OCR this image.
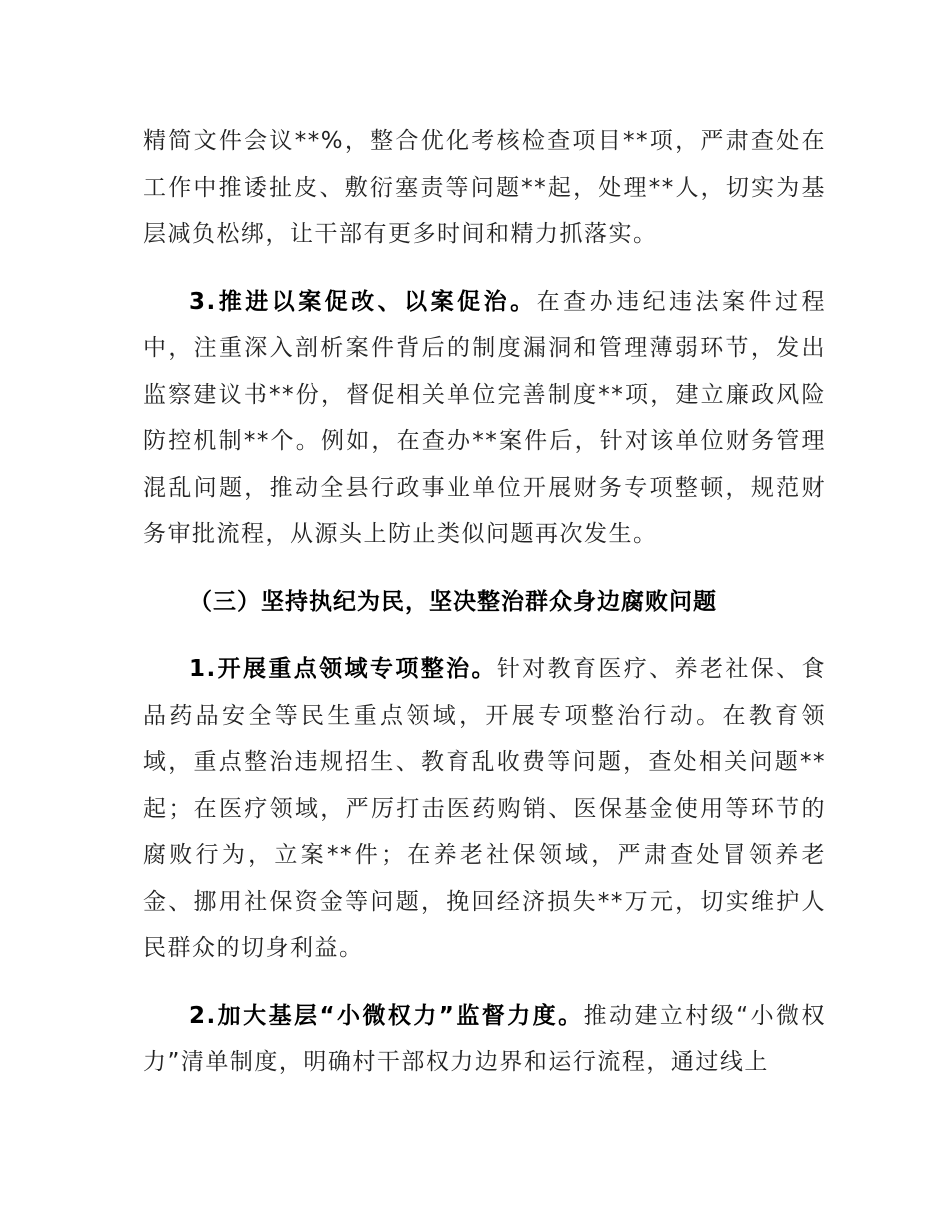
精简文件会议**%，整合优化考核检查项目**项，严肃查处在工作中推诿扯皮、敷衍塞责等问题**起，处理**人，切实为基层减负松绑，让干部有更多时间和精力抓落实。

3.推进以案促改、以案促治。在查办违纪违法案件过程中，注重深入剖析案件背后的制度漏洞和管理薄弱环节，发出监察建议书**份，督促相关单位完善制度**项，建立廉政风险防控机制**个。例如，在查办**案件后，针对该单位财务管理混乱问题，推动全县行政事业单位开展财务专项整顿，规范财务审批流程，从源头上防止类似问题再次发生。

（三）坚持执纪为民，坚决整治群众身边腐败问题

1.开展重点领域专项整治。针对教育医疗、养老社保、食品药品安全等民生重点领域，开展专项整治行动。在教育领域，重点整治违规招生、教育乱收费等问题，查处相关问题**起；在医疗领域，严厉打击医药购销、医保基金使用等环节的腐败行为，立案**件；在养老社保领域，严肃查处冒领养老金、挪用社保资金等问题，挽回经济损失**万元，切实维护人民群众的切身利益。

2.加大基层“小微权力”监督力度。推动建立村级“小微权力”清单制度，明确村干部权力边界和运行流程，通过线上
